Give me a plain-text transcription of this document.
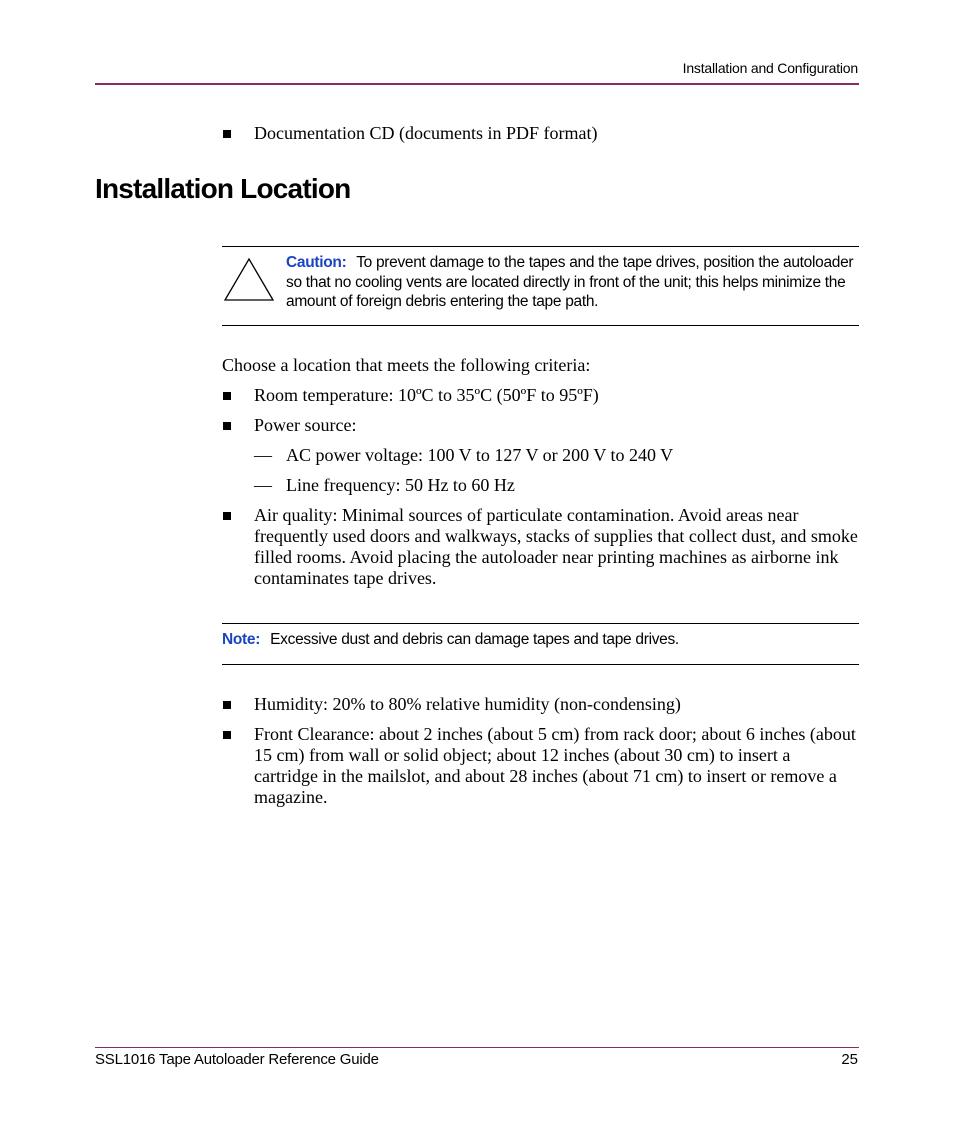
Installation and Configuration
Documentation CD (documents in PDF format)
Installation Location
Caution: To prevent damage to the tapes and the tape drives, position the autoloader so that no cooling vents are located directly in front of the unit; this helps minimize the amount of foreign debris entering the tape path.
Choose a location that meets the following criteria:
Room temperature: 10ºC to 35ºC (50ºF to 95ºF)
Power source:
— AC power voltage: 100 V to 127 V or 200 V to 240 V
— Line frequency: 50 Hz to 60 Hz
Air quality: Minimal sources of particulate contamination. Avoid areas near frequently used doors and walkways, stacks of supplies that collect dust, and smoke filled rooms. Avoid placing the autoloader near printing machines as airborne ink contaminates tape drives.
Note: Excessive dust and debris can damage tapes and tape drives.
Humidity: 20% to 80% relative humidity (non-condensing)
Front Clearance: about 2 inches (about 5 cm) from rack door; about 6 inches (about 15 cm) from wall or solid object; about 12 inches (about 30 cm) to insert a cartridge in the mailslot, and about 28 inches (about 71 cm) to insert or remove a magazine.
SSL1016 Tape Autoloader Reference Guide	25
